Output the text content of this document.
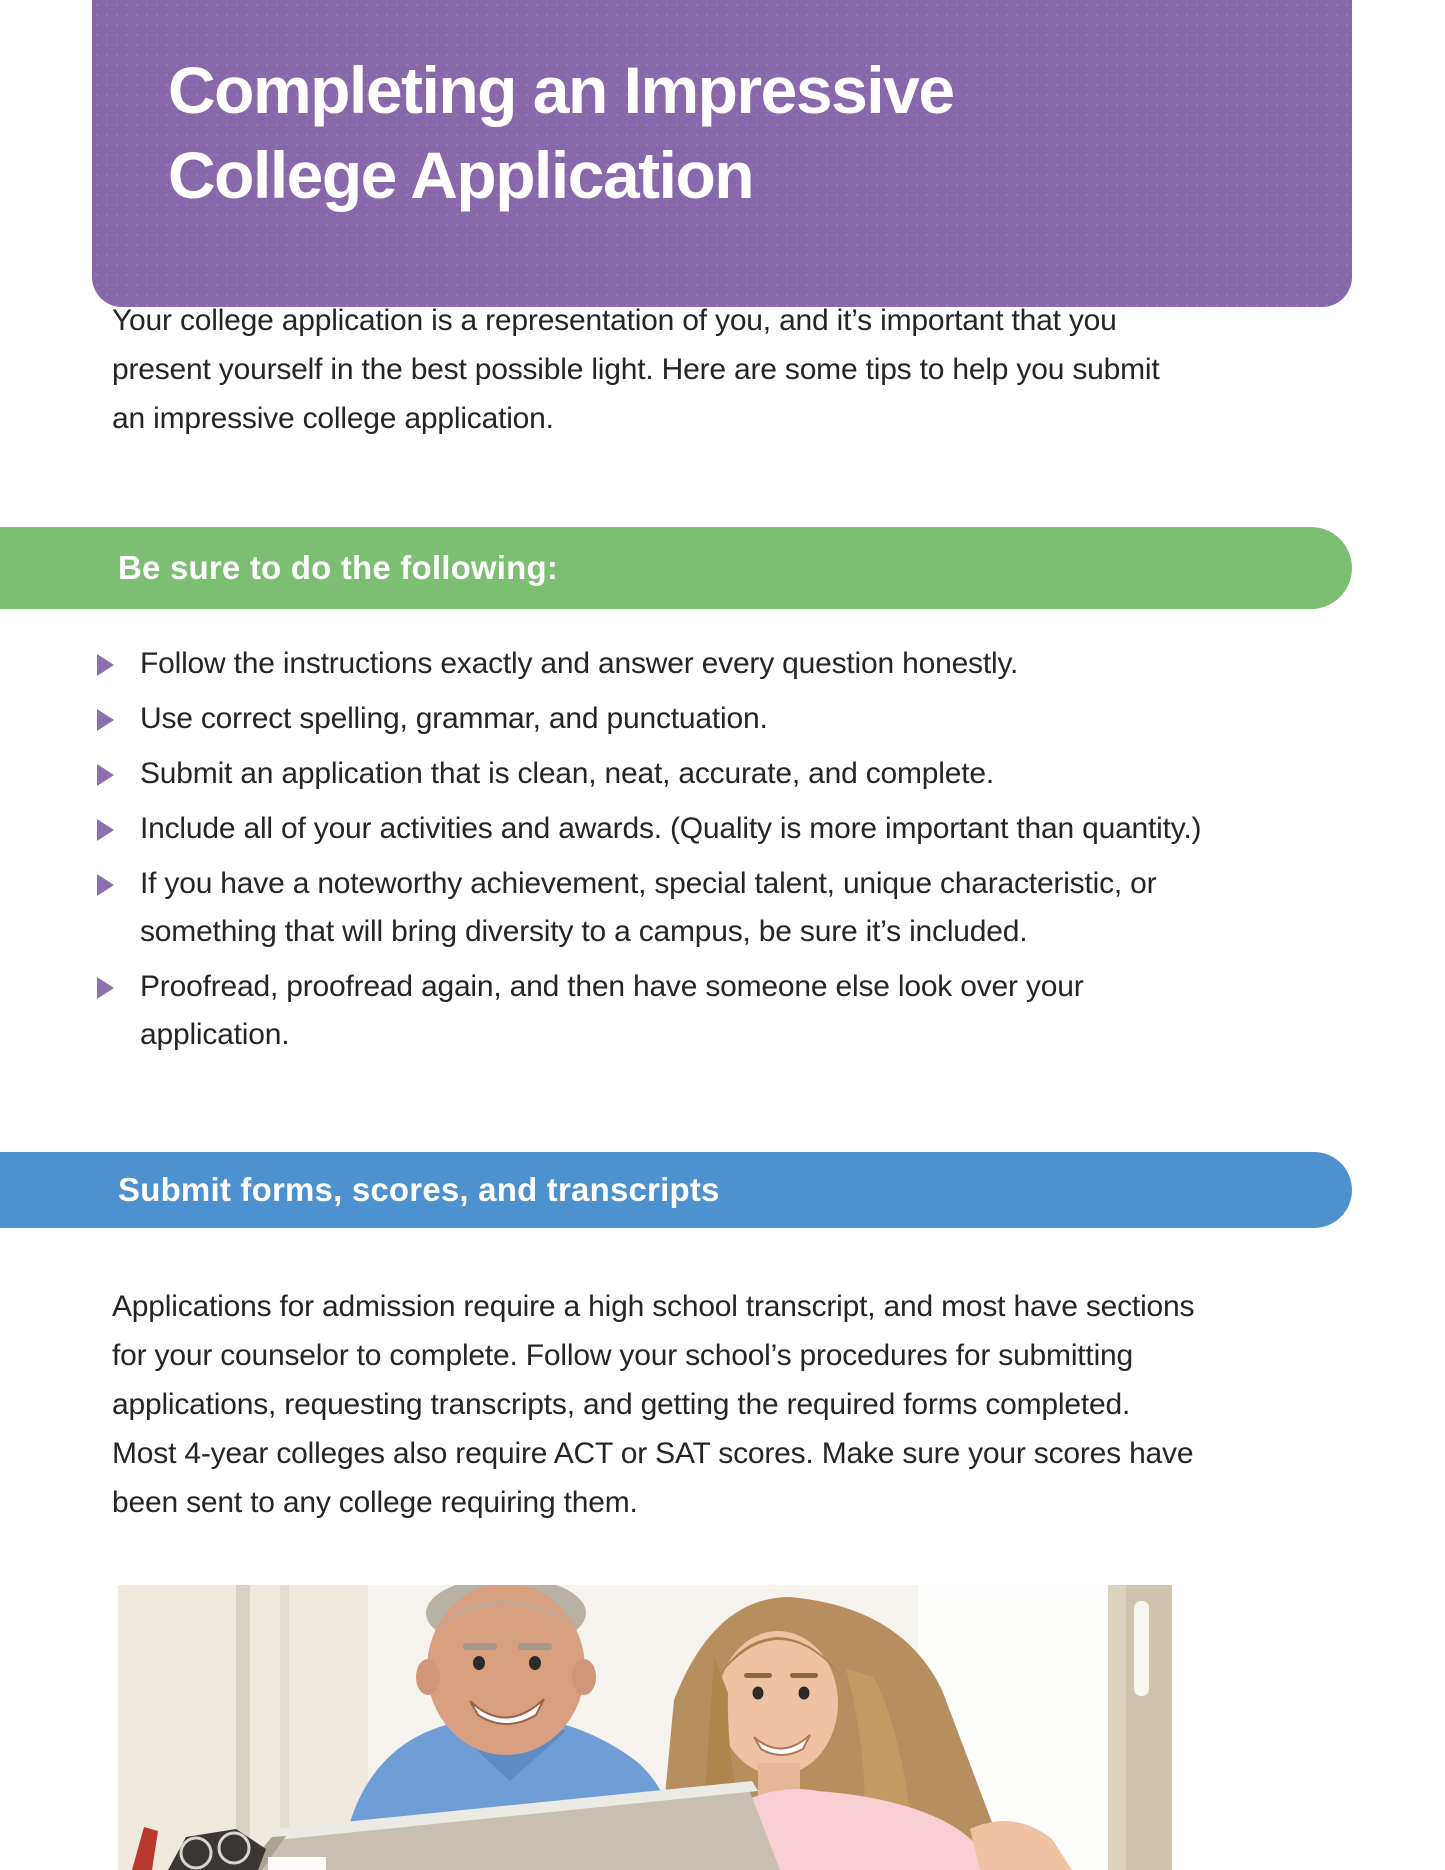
Completing an Impressive
College Application
Your college application is a representation of you, and it’s important that you
present yourself in the best possible light. Here are some tips to help you submit
an impressive college application.
Be sure to do the following:
Follow the instructions exactly and answer every question honestly.
Use correct spelling, grammar, and punctuation.
Submit an application that is clean, neat, accurate, and complete.
Include all of your activities and awards. (Quality is more important than quantity.)
If you have a noteworthy achievement, special talent, unique characteristic, or
something that will bring diversity to a campus, be sure it’s included.
Proofread, proofread again, and then have someone else look over your
application.
Submit forms, scores, and transcripts
Applications for admission require a high school transcript, and most have sections
for your counselor to complete. Follow your school’s procedures for submitting
applications, requesting transcripts, and getting the required forms completed.
Most 4-year colleges also require ACT or SAT scores. Make sure your scores have
been sent to any college requiring them.
